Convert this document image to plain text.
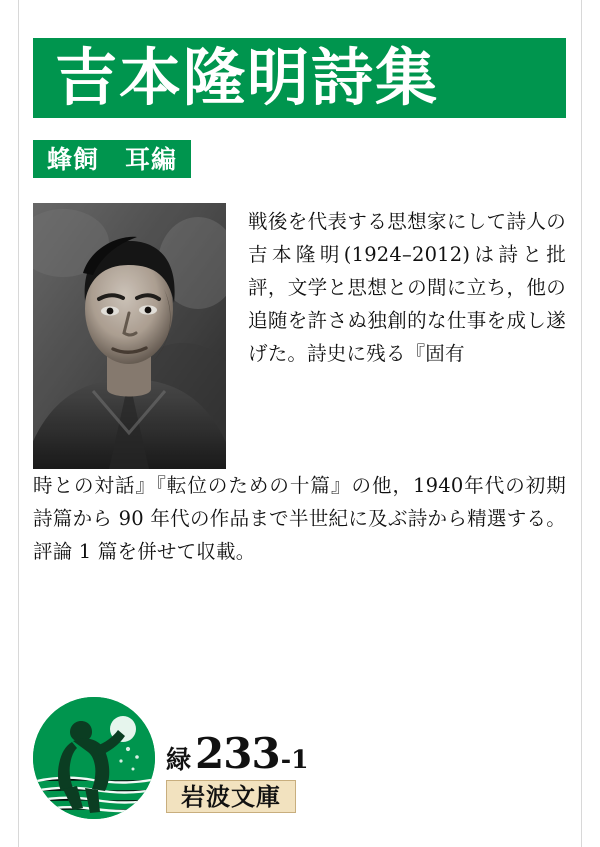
吉本隆明詩集
蜂飼　耳編
戦後を代表する思想家にして詩人の吉本隆明(1924–2012)は詩と批評，文学と思想との間に立ち，他の追随を許さぬ独創的な仕事を成し遂げた。詩史に残る『固有
時との対話』『転位のための十篇』の他，1940年代の初期詩篇から 90 年代の作品まで半世紀に及ぶ詩から精選する。評論 1 篇を併せて収載。
緑 233 -1
岩波文庫
